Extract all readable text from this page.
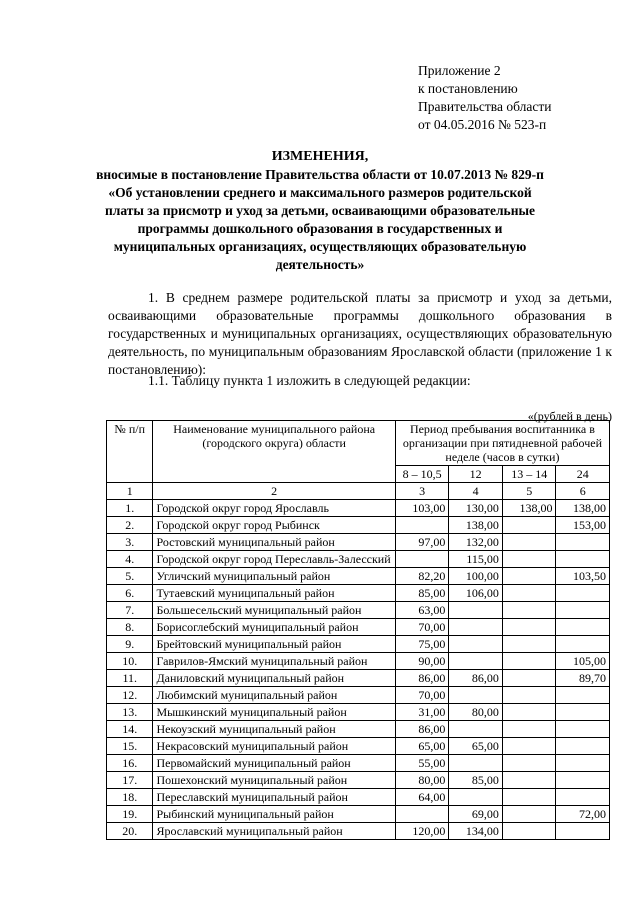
Приложение 2
к постановлению
Правительства области
от 04.05.2016 № 523-п
ИЗМЕНЕНИЯ,
вносимые в постановление Правительства области от 10.07.2013 № 829-п «Об установлении среднего и максимального размеров родительской платы за присмотр и уход за детьми, осваивающими образовательные программы дошкольного образования в государственных и муниципальных организациях, осуществляющих образовательную деятельность»
1. В среднем размере родительской платы за присмотр и уход за детьми, осваивающими образовательные программы дошкольного образования в государственных и муниципальных организациях, осуществляющих образовательную деятельность, по муниципальным образованиям Ярославской области (приложение 1 к постановлению):
1.1. Таблицу пункта 1 изложить в следующей редакции:
«(рублей в день)
№ п/п	Наименование муниципального района (городского округа) области	Период пребывания воспитанника в организации при пятидневной рабочей неделе (часов в сутки)			
		8 – 10,5	12	13 – 14	24
1	2	3	4	5	6
1.	Городской округ город Ярославль	103,00	130,00	138,00	138,00
2.	Городской округ город Рыбинск		138,00		153,00
3.	Ростовский муниципальный район	97,00	132,00		
4.	Городской округ город Переславль-Залесский		115,00		
5.	Угличский муниципальный район	82,20	100,00		103,50
6.	Тутаевский муниципальный район	85,00	106,00		
7.	Большесельский муниципальный район	63,00			
8.	Борисоглебский муниципальный район	70,00			
9.	Брейтовский муниципальный район	75,00			
10.	Гаврилов-Ямский муниципальный район	90,00			105,00
11.	Даниловский муниципальный район	86,00	86,00		89,70
12.	Любимский муниципальный район	70,00			
13.	Мышкинский муниципальный район	31,00	80,00		
14.	Некоузский муниципальный район	86,00			
15.	Некрасовский муниципальный район	65,00	65,00		
16.	Первомайский муниципальный район	55,00			
17.	Пошехонский муниципальный район	80,00	85,00		
18.	Переславский муниципальный район	64,00			
19.	Рыбинский муниципальный район		69,00		72,00
20.	Ярославский муниципальный район	120,00	134,00		
